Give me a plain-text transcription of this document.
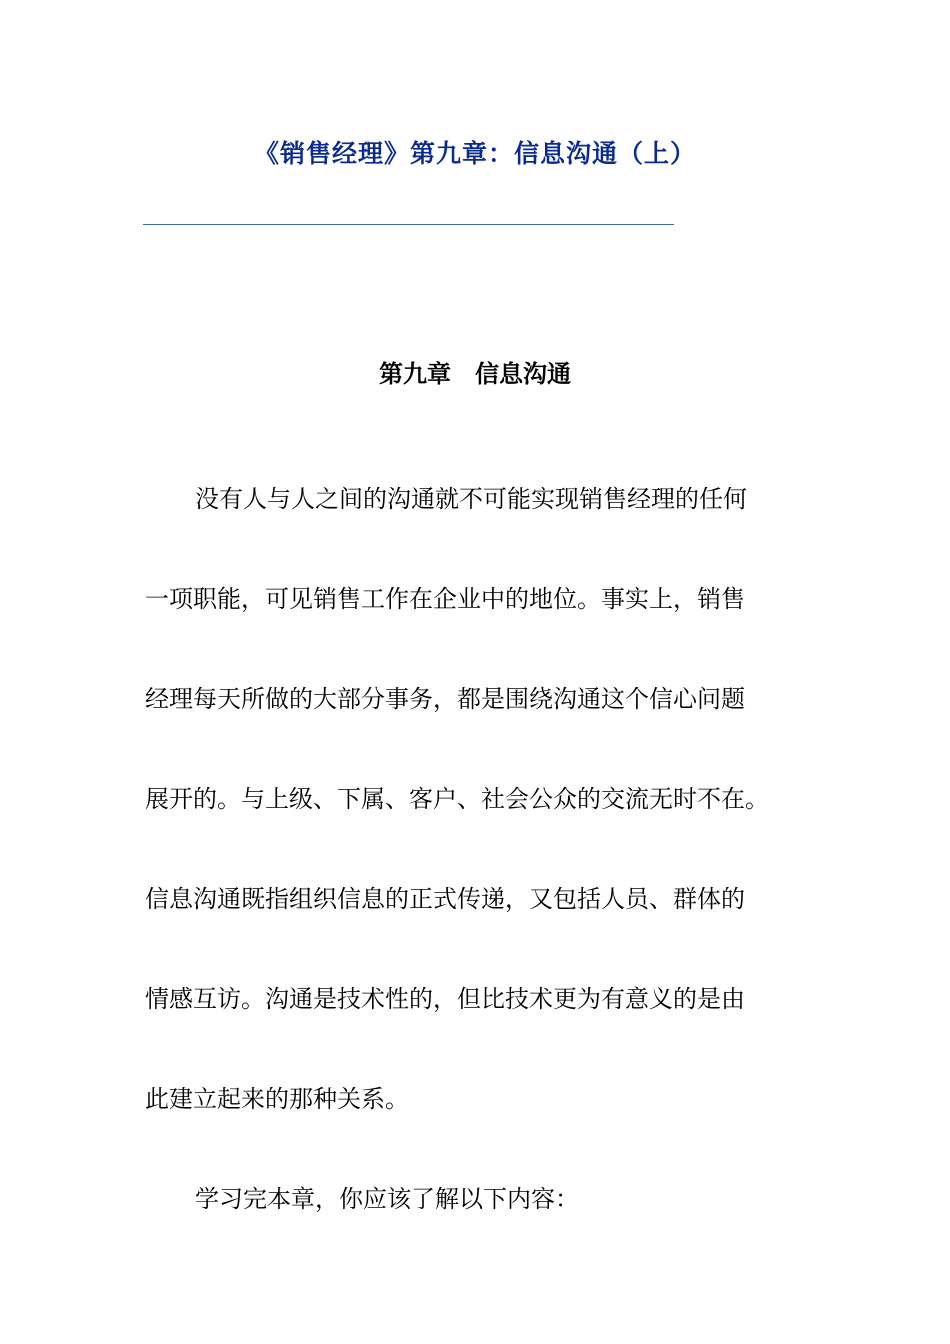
《销售经理》第九章：信息沟通（上）
第九章　信息沟通

没有人与人之间的沟通就不可能实现销售经理的任何
一项职能，可见销售工作在企业中的地位。事实上，销售
经理每天所做的大部分事务，都是围绕沟通这个信心问题
展开的。与上级、下属、客户、社会公众的交流无时不在。
信息沟通既指组织信息的正式传递，又包括人员、群体的
情感互访。沟通是技术性的，但比技术更为有意义的是由
此建立起来的那种关系。

学习完本章，你应该了解以下内容：
